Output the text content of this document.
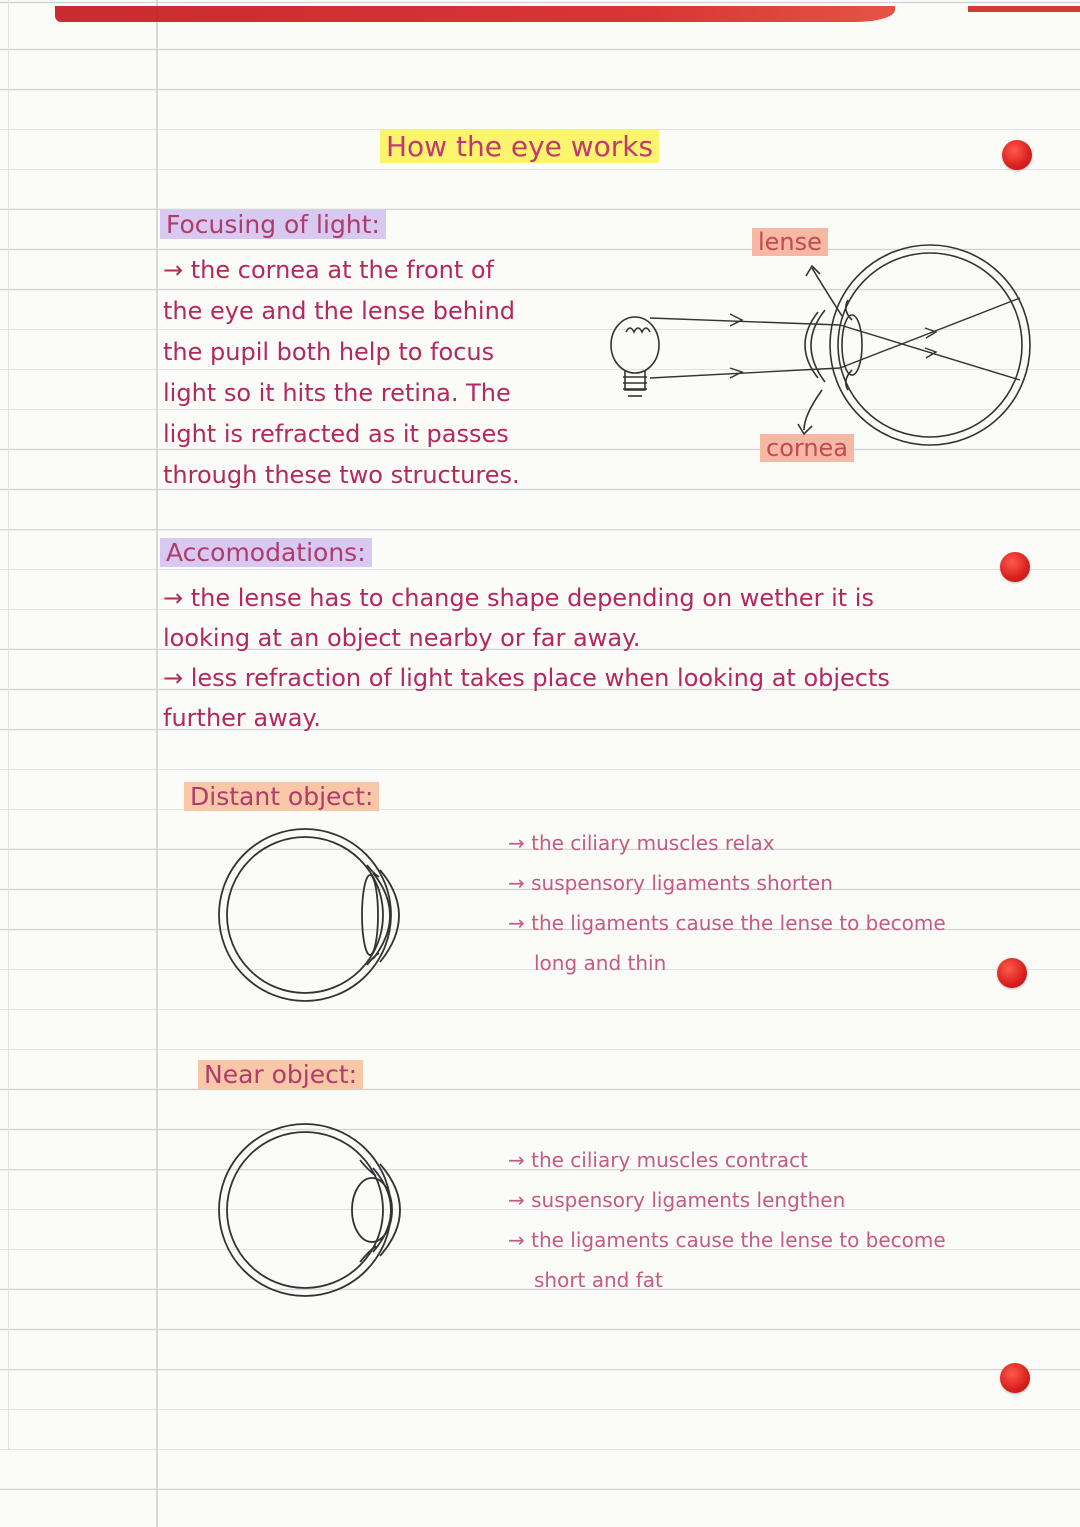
How the eye works
Focusing of light:
→ the cornea at the front of
the eye and the lense behind
the pupil both help to focus
light so it hits the retina. The
light is refracted as it passes
through these two structures.
lense
cornea
Accomodations:
→ the lense has to change shape depending on wether it is
looking at an object nearby or far away.
→ less refraction of light takes place when looking at objects
further away.
Distant object:
→ the ciliary muscles relax
→ suspensory ligaments shorten
→ the ligaments cause the lense to become
long and thin
Near object:
→ the ciliary muscles contract
→ suspensory ligaments lengthen
→ the ligaments cause the lense to become
short and fat
